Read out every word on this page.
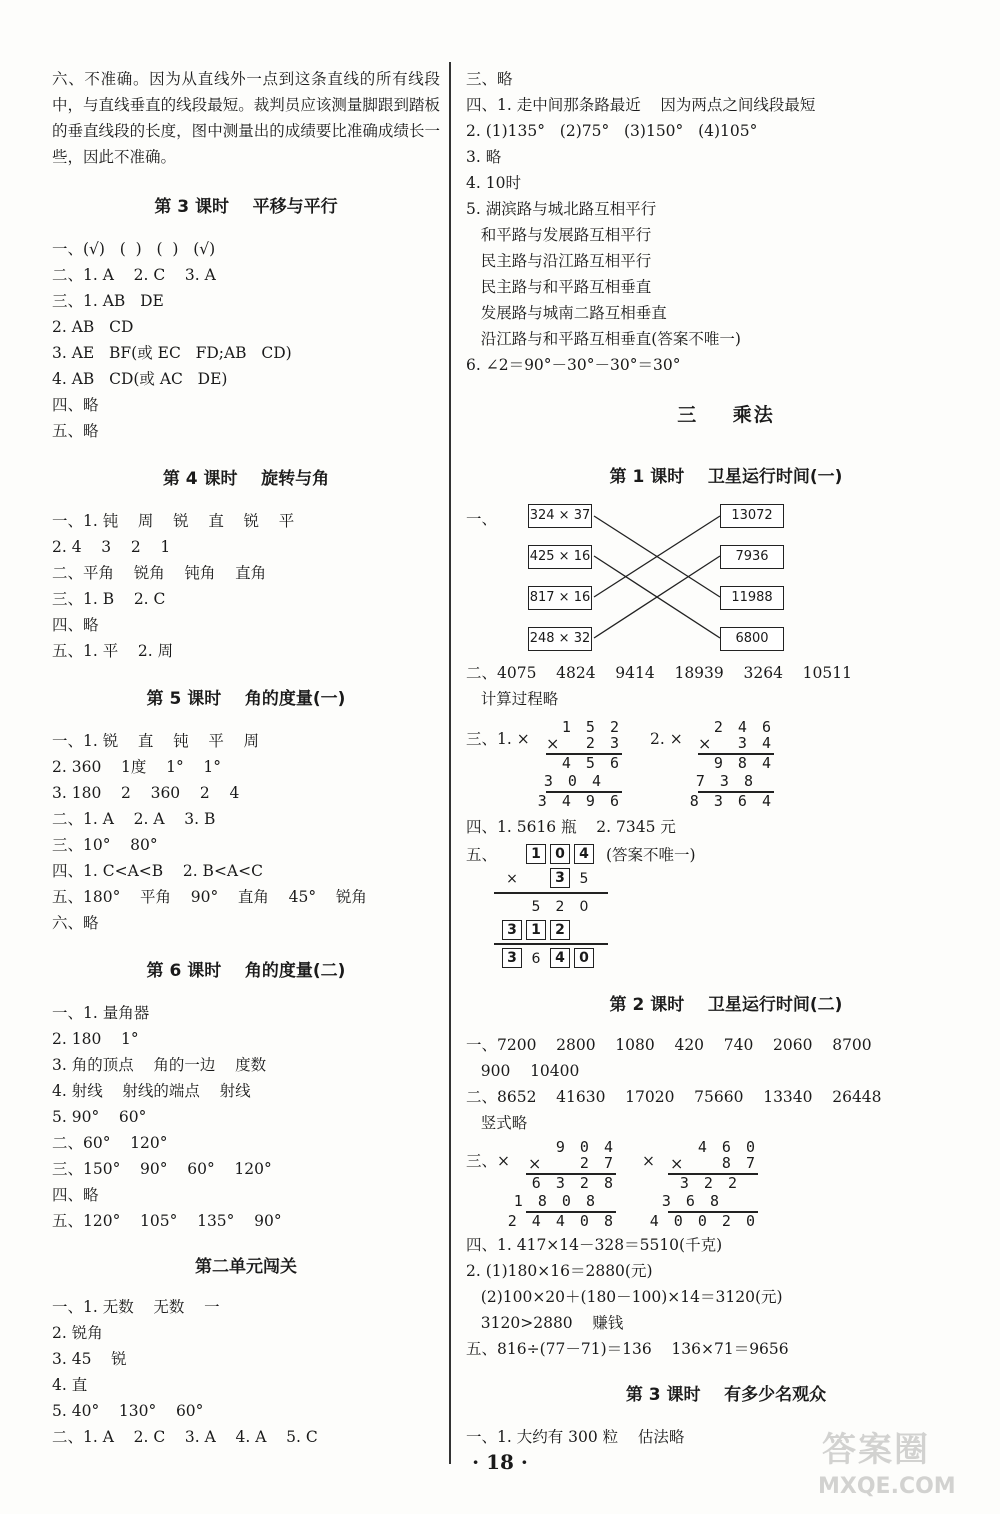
六、不准确。因为从直线外一点到这条直线的所有线段中，与直线垂直的线段最短。裁判员应该测量脚跟到踏板的垂直线段的长度，图中测量出的成绩要比准确成绩长一些，因此不准确。
第 3 课时    平移与平行
一、(√)   (  )   (  )   (√)
二、1. A    2. C    3. A
三、1. AB   DE
2. AB   CD
3. AE   BF(或 EC   FD;AB   CD)
4. AB   CD(或 AC   DE)
四、略
五、略
第 4 课时    旋转与角
一、1. 钝    周    锐    直    锐    平
2. 4    3    2    1
二、平角    锐角    钝角    直角
三、1. B    2. C
四、略
五、1. 平    2. 周
第 5 课时    角的度量(一)
一、1. 锐    直    钝    平    周
2. 360    1度    1°    1°
3. 180    2    360    2    4
二、1. A    2. A    3. B
三、10°    80°
四、1. C<A<B    2. B<A<C
五、180°    平角    90°    直角    45°    锐角
六、略
第 6 课时    角的度量(二)
一、1. 量角器
2. 180    1°
3. 角的顶点    角的一边    度数
4. 射线    射线的端点    射线
5. 90°    60°
二、60°    120°
三、150°    90°    60°    120°
四、略
五、120°    105°    135°    90°
第二单元闯关
一、1. 无数    无数    一
2. 锐角
3. 45    锐
4. 直
5. 40°    130°    60°
二、1. A    2. C    3. A    4. A    5. C
三、略
四、1. 走中间那条路最近    因为两点之间线段最短
2. (1)135°   (2)75°   (3)150°   (4)105°
3. 略
4. 10时
5. 湖滨路与城北路互相平行
和平路与发展路互相平行
民主路与沿江路互相平行
民主路与和平路互相垂直
发展路与城南二路互相垂直
沿江路与和平路互相垂直(答案不唯一)
6. ∠2＝90°－30°－30°＝30°
三    乘法
第 1 课时    卫星运行时间(一)
一、	324 × 37
425 × 16
817 × 16
248 × 32
13072
7936
11988
6800
二、4075    4824    9414    18939    3264    10511
计算过程略
三、1. ×
1 5 2
× 2 3
4 5 6
3 0 4
3 4 9 6
2. ×
2 4 6
× 3 4
9 8 4
7 3 8
8 3 6 4
四、1. 5616 瓶    2. 7345 元
五、	(答案不唯一)
1	0	4
×	3	5
5	2	0
3	1	2
3	6	4	0
第 2 课时    卫星运行时间(二)
一、7200    2800    1080    420    740    2060    8700
900    10400
二、8652    41630    17020    75660    13340    26448
竖式略
三、×
9 0 4
×	2 7
6 3 2 8
1 8 0 8
2 4 4 0 8
×
4 6 0
×	8 7
3 2 2
3 6 8
4 0 0 2 0
四、1. 417×14－328＝5510(千克)
2. (1)180×16＝2880(元)
(2)100×20＋(180－100)×14＝3120(元)
3120>2880    赚钱
五、816÷(77－71)＝136    136×71＝9656
第 3 课时    有多少名观众
一、1. 大约有 300 粒    估法略
· 18 ·	答案圈
MXQE.COM
